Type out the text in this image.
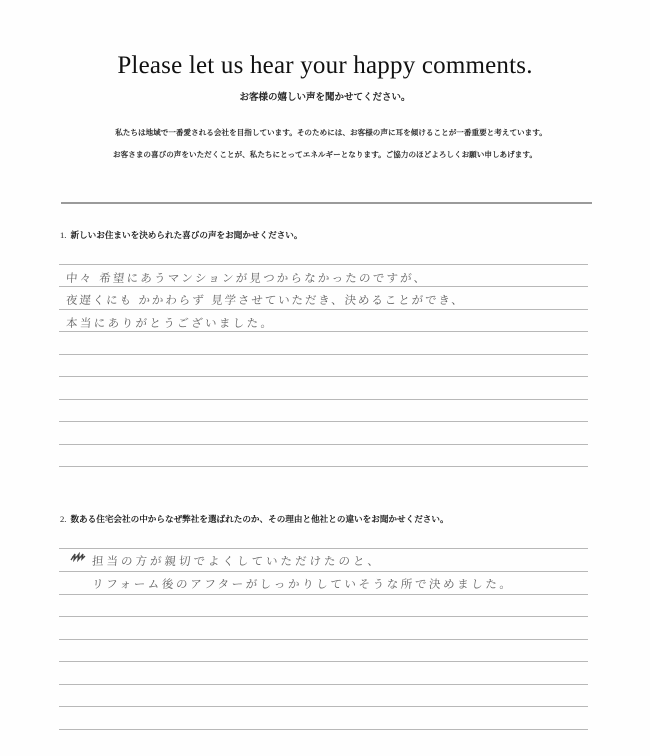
Please let us hear your happy comments.
お客様の嬉しい声を聞かせてください。
私たちは地域で一番愛される会社を目指しています。そのためには、お客様の声に耳を傾けることが一番重要と考えています。
お客さまの喜びの声をいただくことが、私たちにとってエネルギーとなります。ご協力のほどよろしくお願い申しあげます。
1. 新しいお住まいを決められた喜びの声をお聞かせください。
中々 希望にあうマンションが見つからなかったのですが、
夜遅くにも かかわらず 見学させていただき、決めることができ、
本当にありがとうございました。
2. 数ある住宅会社の中からなぜ弊社を選ばれたのか、その理由と他社との違いをお聞かせください。
担当の方が親切でよくしていただけたのと、
リフォーム後のアフターがしっかりしていそうな所で決めました。
